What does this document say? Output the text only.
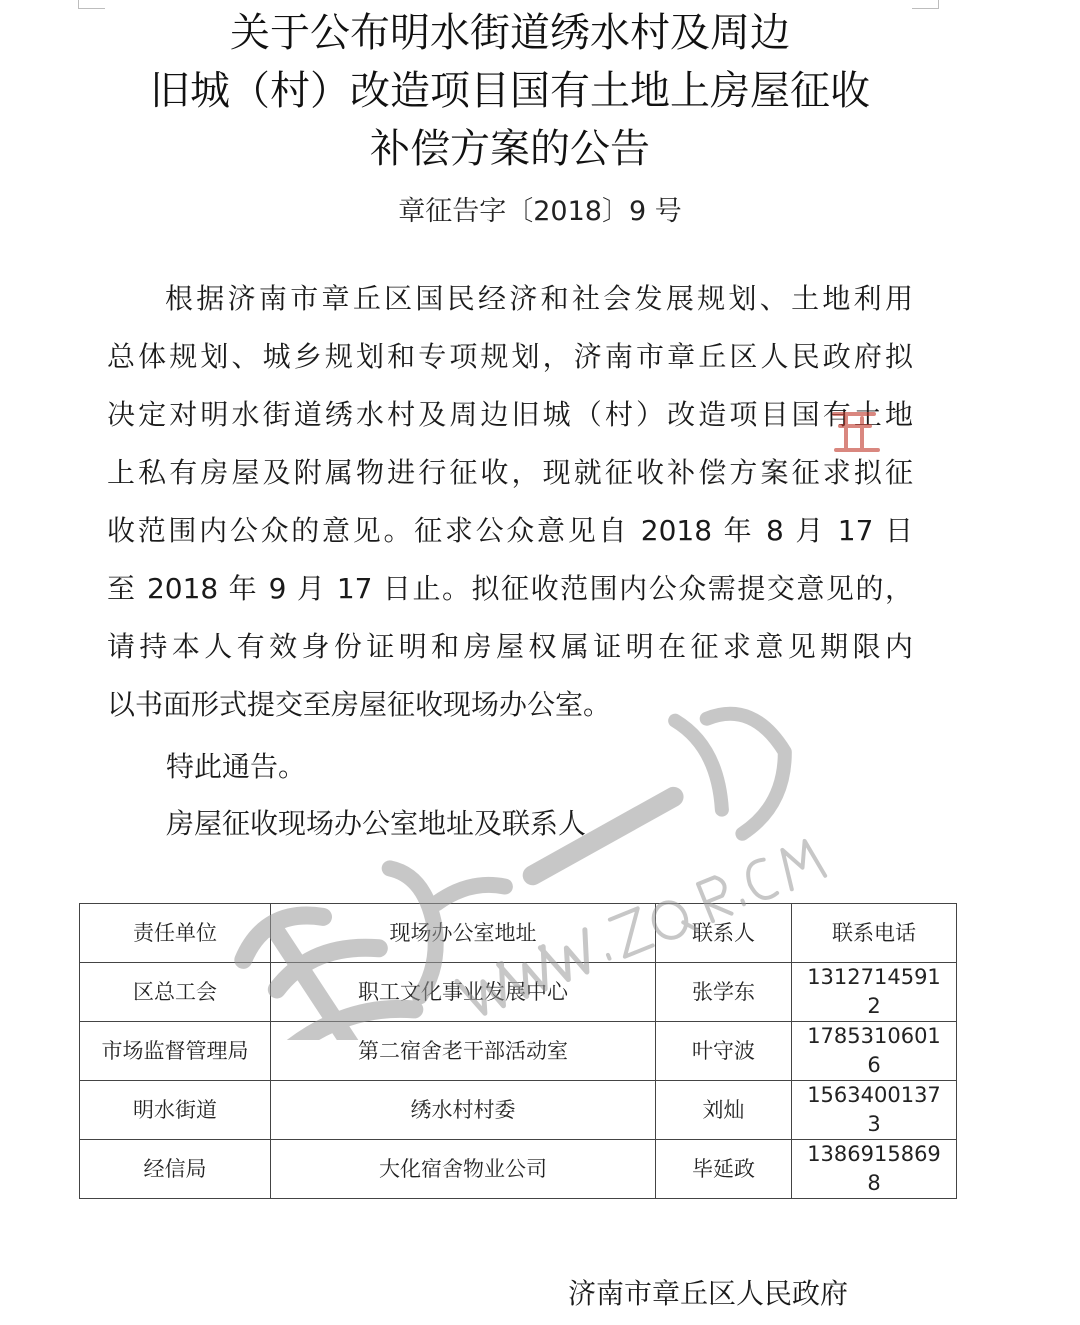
关于公布明水街道绣水村及周边
旧城（村）改造项目国有土地上房屋征收
补偿方案的公告
章征告字〔2018〕9 号
根据济南市章丘区国民经济和社会发展规划、土地利用
总体规划、城乡规划和专项规划，济南市章丘区人民政府拟
决定对明水街道绣水村及周边旧城（村）改造项目国有土地
上私有房屋及附属物进行征收，现就征收补偿方案征求拟征
收范围内公众的意见。征求公众意见自 2018 年 8 月 17 日
至 2018 年 9 月 17 日止。拟征收范围内公众需提交意见的，
请持本人有效身份证明和房屋权属证明在征求意见期限内
以书面形式提交至房屋征收现场办公室。
特此通告。
房屋征收现场办公室地址及联系人
责任单位	现场办公室地址	联系人	联系电话
区总工会	职工文化事业发展中心	张学东	13127145912
市场监督管理局	第二宿舍老干部活动室	叶守波	17853106016
明水街道	绣水村村委	刘灿	15634001373
经信局	大化宿舍物业公司	毕延政	13869158698
济南市章丘区人民政府
